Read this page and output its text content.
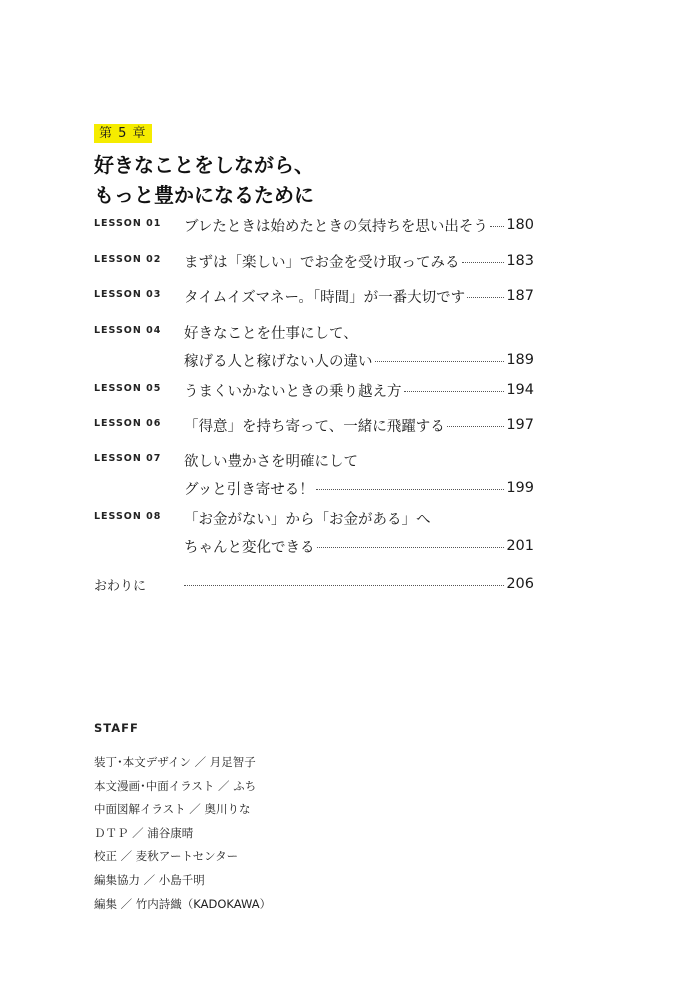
第 5 章
好きなことをしながら、
もっと豊かになるために
LESSON 01 ブレたときは始めたときの気持ちを思い出そう 180
LESSON 02 まずは「楽しい」でお金を受け取ってみる	183
LESSON 03 タイムイズマネー。「時間」が一番大切です	187
LESSON 04 好きなことを仕事にして、
稼げる人と稼げない人の違い	189
LESSON 05 うまくいかないときの乗り越え方	194
LESSON 06 「得意」を持ち寄って、一緒に飛躍する	197
LESSON 07 欲しい豊かさを明確にして
グッと引き寄せる！	199
LESSON 08 「お金がない」から「お金がある」へ
ちゃんと変化できる	201
おわりに	206
STAFF
装丁･本文デザイン ／ 月足智子
本文漫画･中面イラスト ／ ふち
中面図解イラスト ／ 奥川りな
ＤＴＰ ／ 浦谷康晴
校正 ／ 麦秋アートセンター
編集協力 ／ 小島千明
編集 ／ 竹内詩織（KADOKAWA）
